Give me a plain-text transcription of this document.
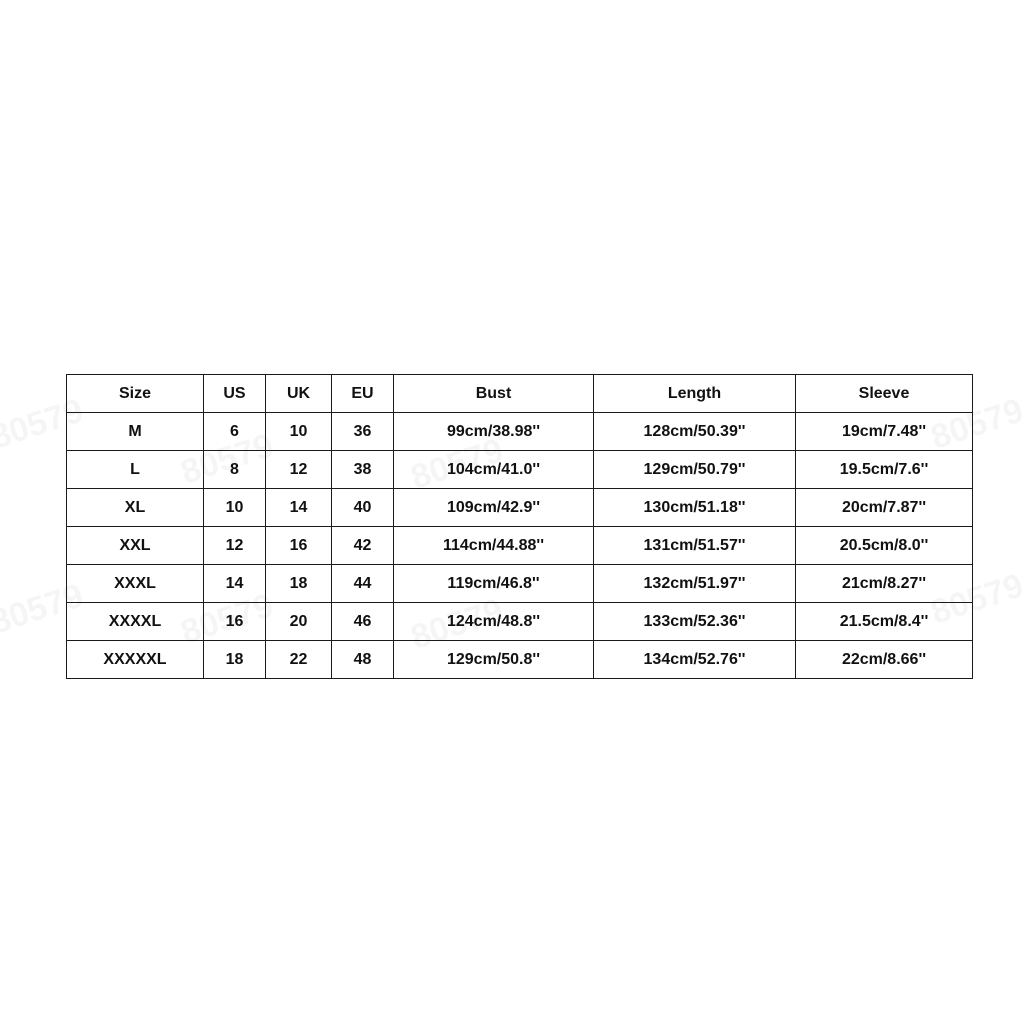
Size	US	UK	EU	Bust	Length	Sleeve
M	6	10	36	99cm/38.98''	128cm/50.39''	19cm/7.48''
L	8	12	38	104cm/41.0''	129cm/50.79''	19.5cm/7.6''
XL	10	14	40	109cm/42.9''	130cm/51.18''	20cm/7.87''
XXL	12	16	42	114cm/44.88''	131cm/51.57''	20.5cm/8.0''
XXXL	14	18	44	119cm/46.8''	132cm/51.97''	21cm/8.27''
XXXXL	16	20	46	124cm/48.8''	133cm/52.36''	21.5cm/8.4''
XXXXXL	18	22	48	129cm/50.8''	134cm/52.76''	22cm/8.66''
